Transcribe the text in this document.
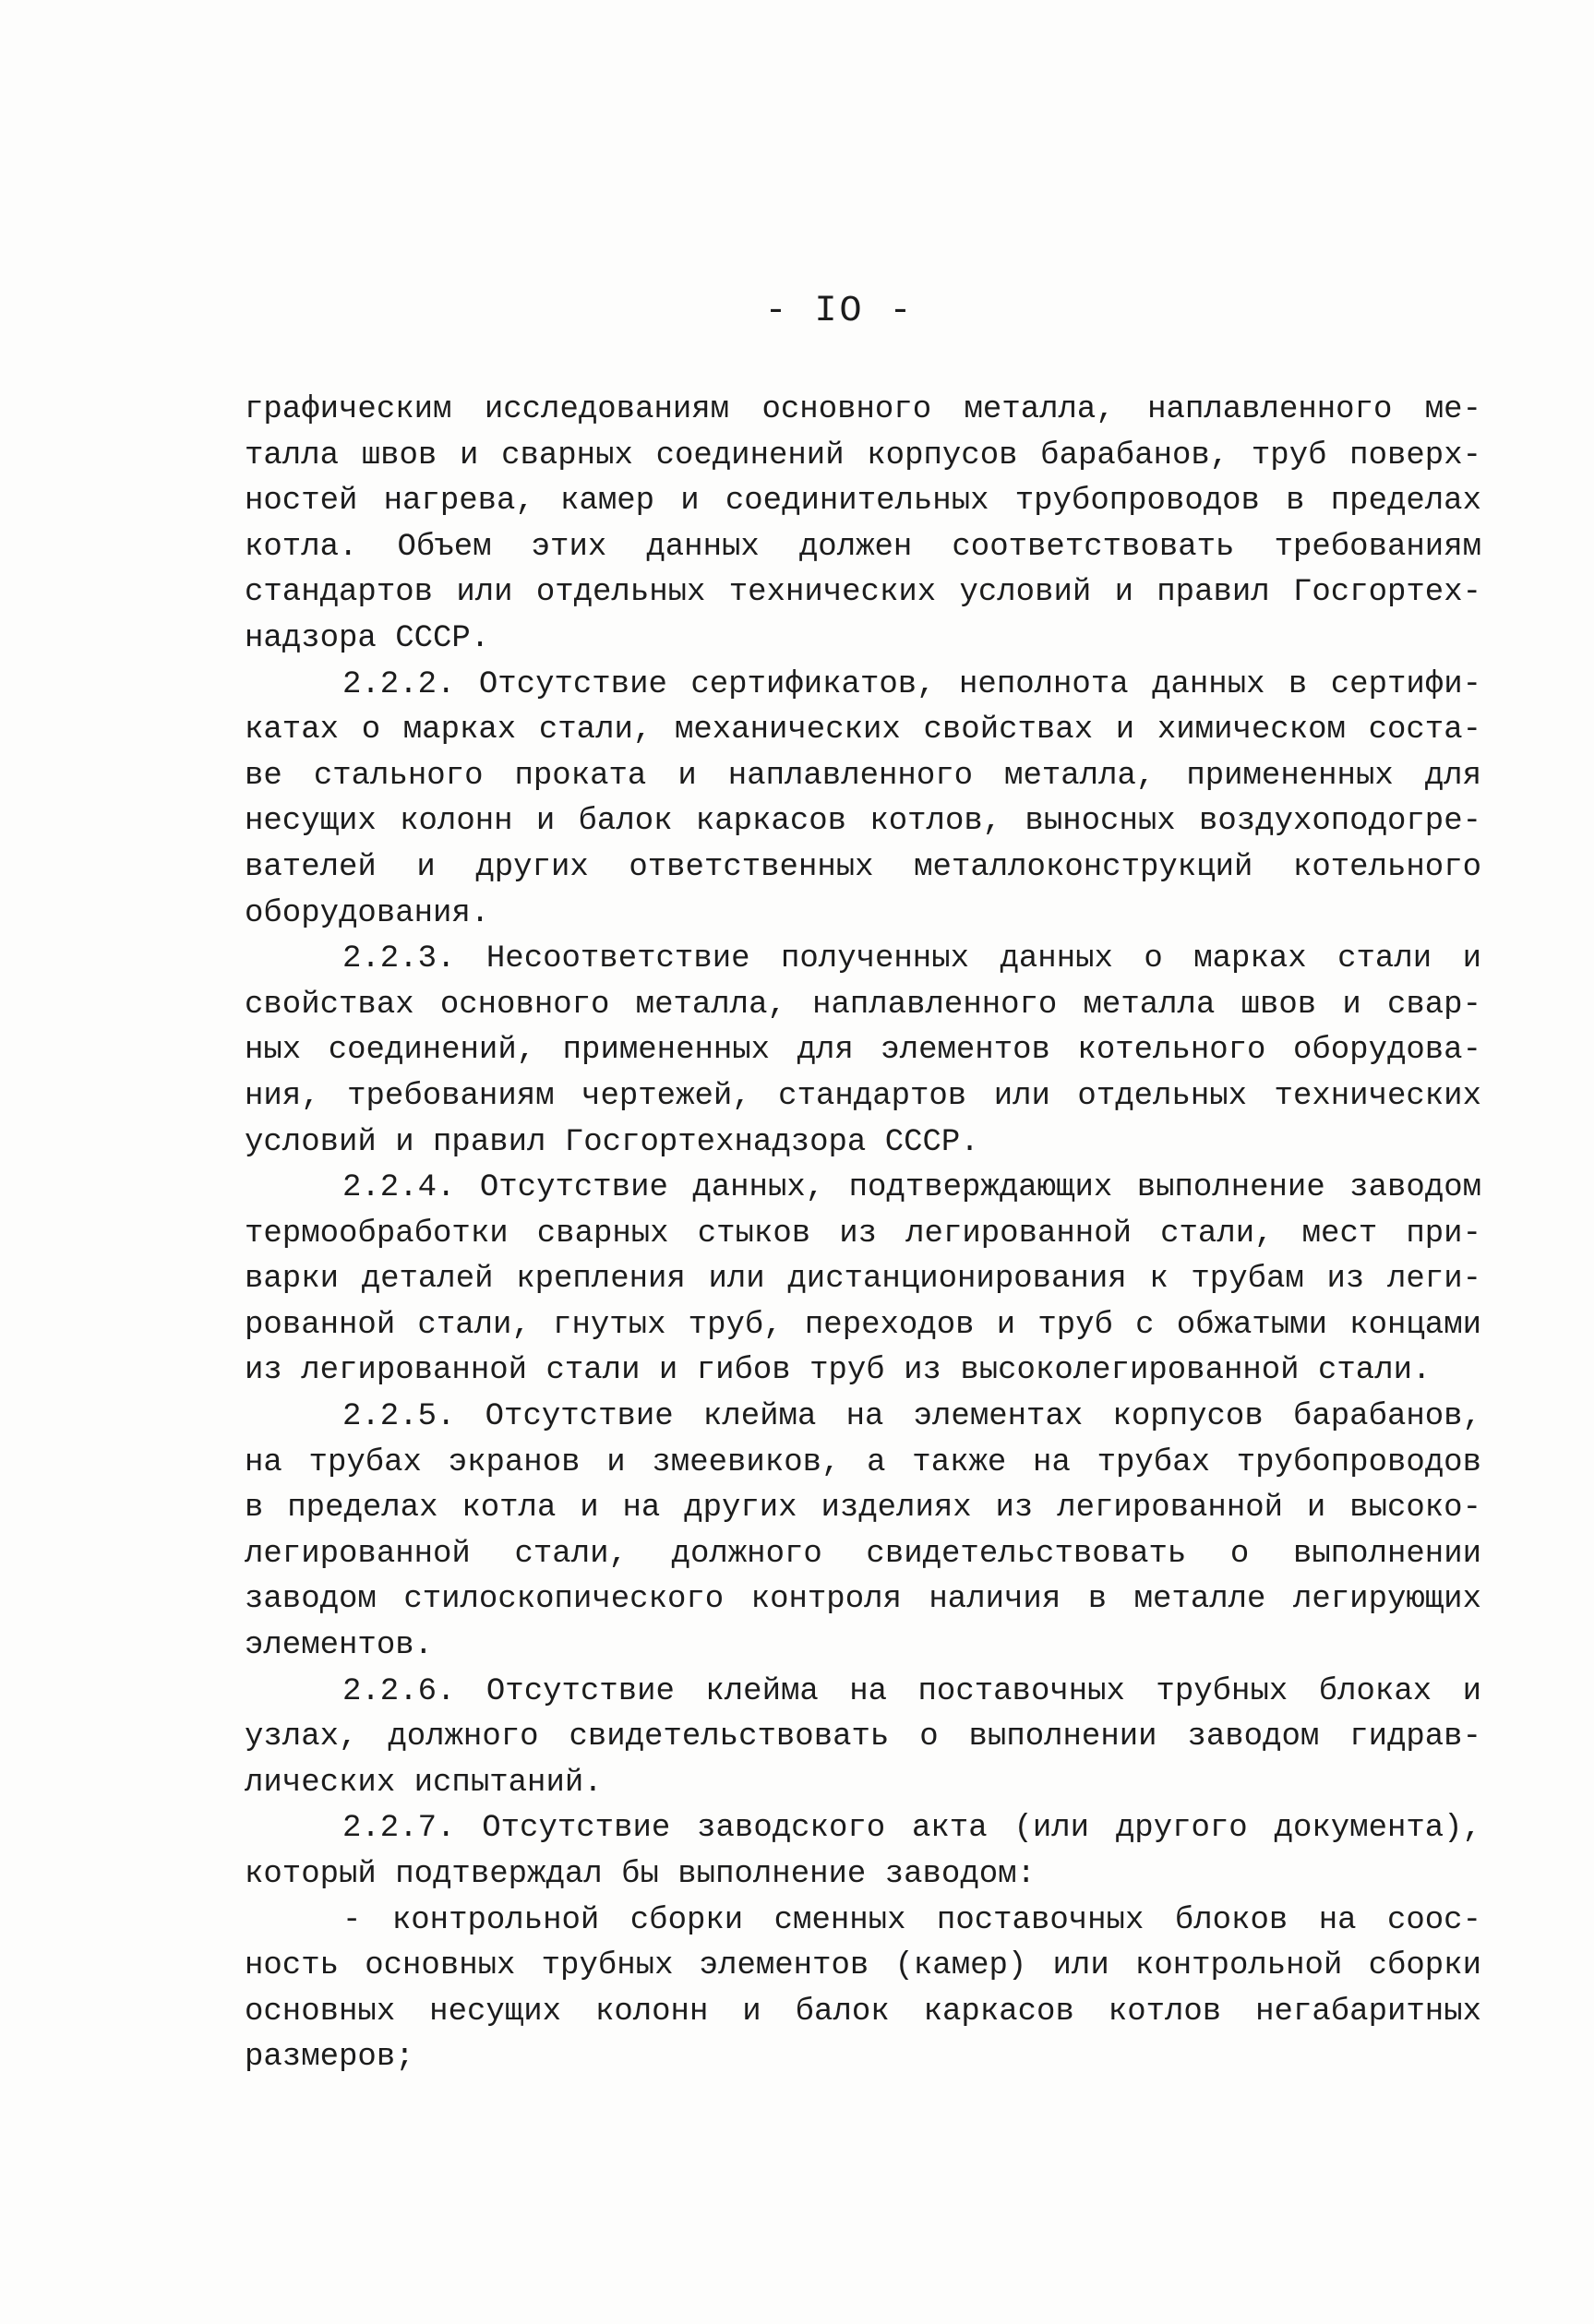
- IO -
графическим исследованиям основного металла, наплавленного ме-
талла швов и сварных соединений корпусов барабанов, труб поверх-
ностей нагрева, камер и соединительных трубопроводов в пределах
котла. Объем этих данных должен соответствовать требованиям
стандартов или отдельных технических условий и правил Госгортех-
надзора СССР.
2.2.2. Отсутствие сертификатов, неполнота данных в сертифи-
катах о марках стали, механических свойствах и химическом соста-
ве стального проката и наплавленного металла, примененных для
несущих колонн и балок каркасов котлов, выносных воздухоподогре-
вателей и других ответственных металлоконструкций котельного
оборудования.
2.2.3. Несоответствие полученных данных о марках стали и
свойствах основного металла, наплавленного металла швов и свар-
ных соединений, примененных для элементов котельного оборудова-
ния, требованиям чертежей, стандартов или отдельных технических
условий и правил Госгортехнадзора СССР.
2.2.4. Отсутствие данных, подтверждающих выполнение заводом
термообработки сварных стыков из легированной стали, мест при-
варки деталей крепления или дистанционирования к трубам из леги-
рованной стали, гнутых труб, переходов и труб с обжатыми концами
из легированной стали и гибов труб из высоколегированной стали.
2.2.5. Отсутствие клейма на элементах корпусов барабанов,
на трубах экранов и змеевиков, а также на трубах трубопроводов
в пределах котла и на других изделиях из легированной и высоко-
легированной стали, должного свидетельствовать о выполнении
заводом стилоскопического контроля наличия в металле легирующих
элементов.
2.2.6. Отсутствие клейма на поставочных трубных блоках и
узлах, должного свидетельствовать о выполнении заводом гидрав-
лических испытаний.
2.2.7. Отсутствие заводского акта (или другого документа),
который подтверждал бы выполнение заводом:
- контрольной сборки сменных поставочных блоков на соос-
ность основных трубных элементов (камер) или контрольной сборки
основных несущих колонн и балок каркасов котлов негабаритных
размеров;
